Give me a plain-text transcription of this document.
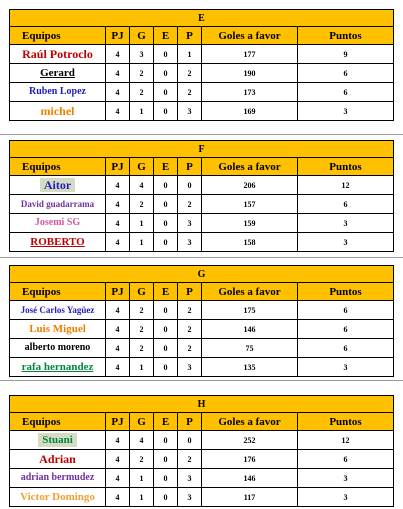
E						
Equipos	PJ	G	E	P	Goles a favor	Puntos
Raúl Potroclo	4	3	0	1	177	9
Gerard	4	2	0	2	190	6
Ruben Lopez	4	2	0	2	173	6
michel	4	1	0	3	169	3
F						
Equipos	PJ	G	E	P	Goles a favor	Puntos
Aitor	4	4	0	0	206	12
David guadarrama	4	2	0	2	157	6
Josemi SG	4	1	0	3	159	3
ROBERTO	4	1	0	3	158	3
G						
Equipos	PJ	G	E	P	Goles a favor	Puntos
José Carlos Yagüez	4	2	0	2	175	6
Luis Miguel	4	2	0	2	146	6
alberto moreno	4	2	0	2	75	6
rafa hernandez	4	1	0	3	135	3
H						
Equipos	PJ	G	E	P	Goles a favor	Puntos
Stuani	4	4	0	0	252	12
Adrian	4	2	0	2	176	6
adrian bermudez	4	1	0	3	146	3
Victor Domingo	4	1	0	3	117	3
